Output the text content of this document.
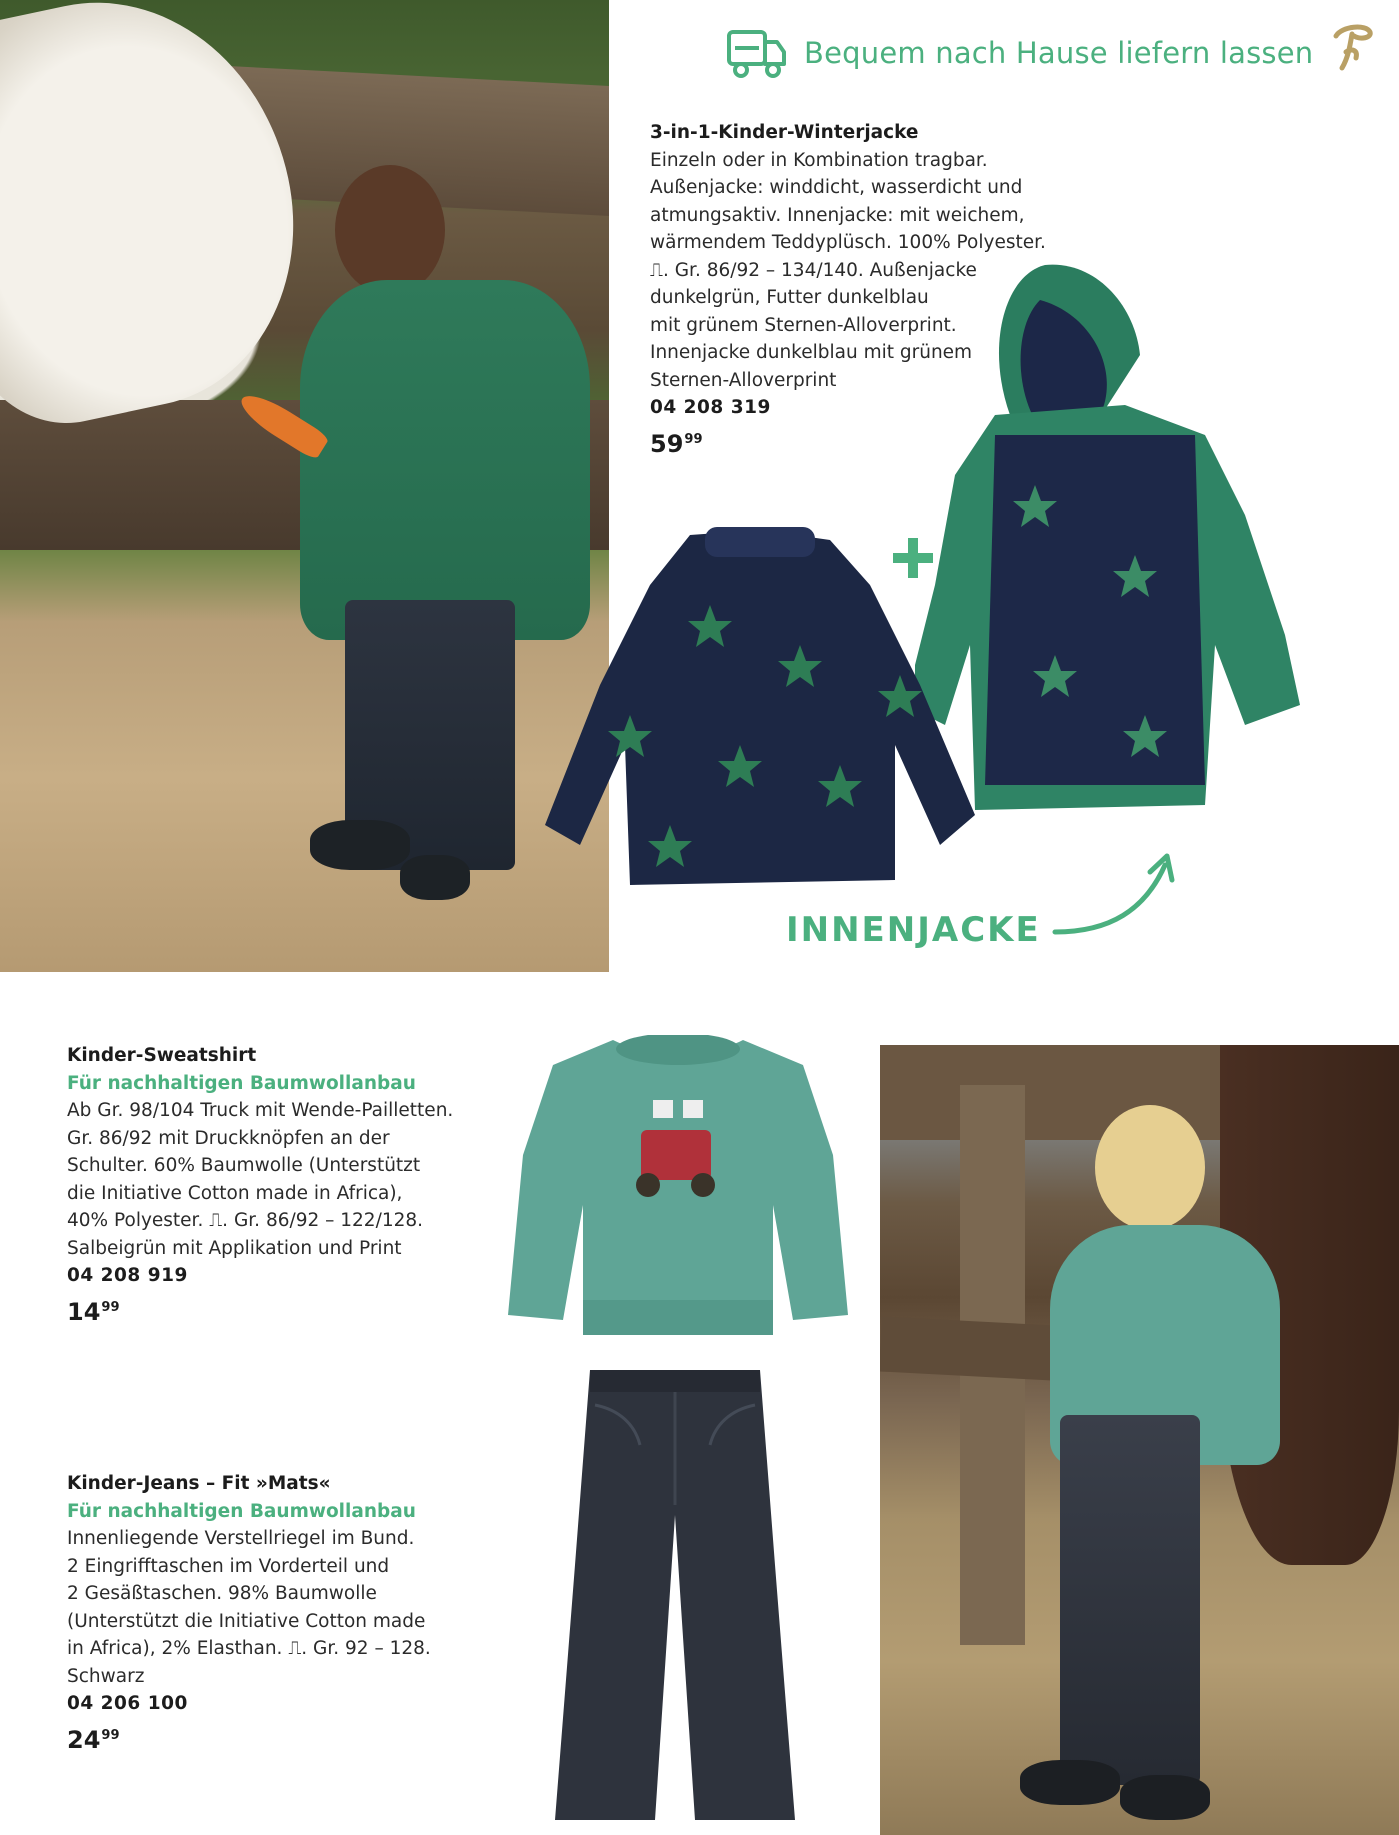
Bequem nach Hause liefern lassen
3-in-1-Kinder-Winterjacke
Einzeln oder in Kombination tragbar.
Außenjacke: winddicht, wasserdicht und
atmungsaktiv. Innenjacke: mit weichem,
wärmendem Teddyplüsch. 100% Polyester.
⎍. Gr. 86/92 – 134/140. Außenjacke
dunkelgrün, Futter dunkelblau
mit grünem Sternen-Alloverprint.
Innenjacke dunkelblau mit grünem
Sternen-Alloverprint
04 208 319
$59^{99}$
INNENJACKE
Kinder-Sweatshirt
Für nachhaltigen Baumwollanbau
Ab Gr. 98/104 Truck mit Wende-Pailletten.
Gr. 86/92 mit Druckknöpfen an der
Schulter. 60% Baumwolle (Unterstützt
die Initiative Cotton made in Africa),
40% Polyester. ⎍. Gr. 86/92 – 122/128.
Salbeigrün mit Applikation und Print
04 208 919
$14^{99}$
Kinder-Jeans – Fit »Mats«
Für nachhaltigen Baumwollanbau
Innenliegende Verstellriegel im Bund.
2 Eingrifftaschen im Vorderteil und
2 Gesäßtaschen. 98% Baumwolle
(Unterstützt die Initiative Cotton made
in Africa), 2% Elasthan. ⎍. Gr. 92 – 128.
Schwarz
04 206 100
$24^{99}$
